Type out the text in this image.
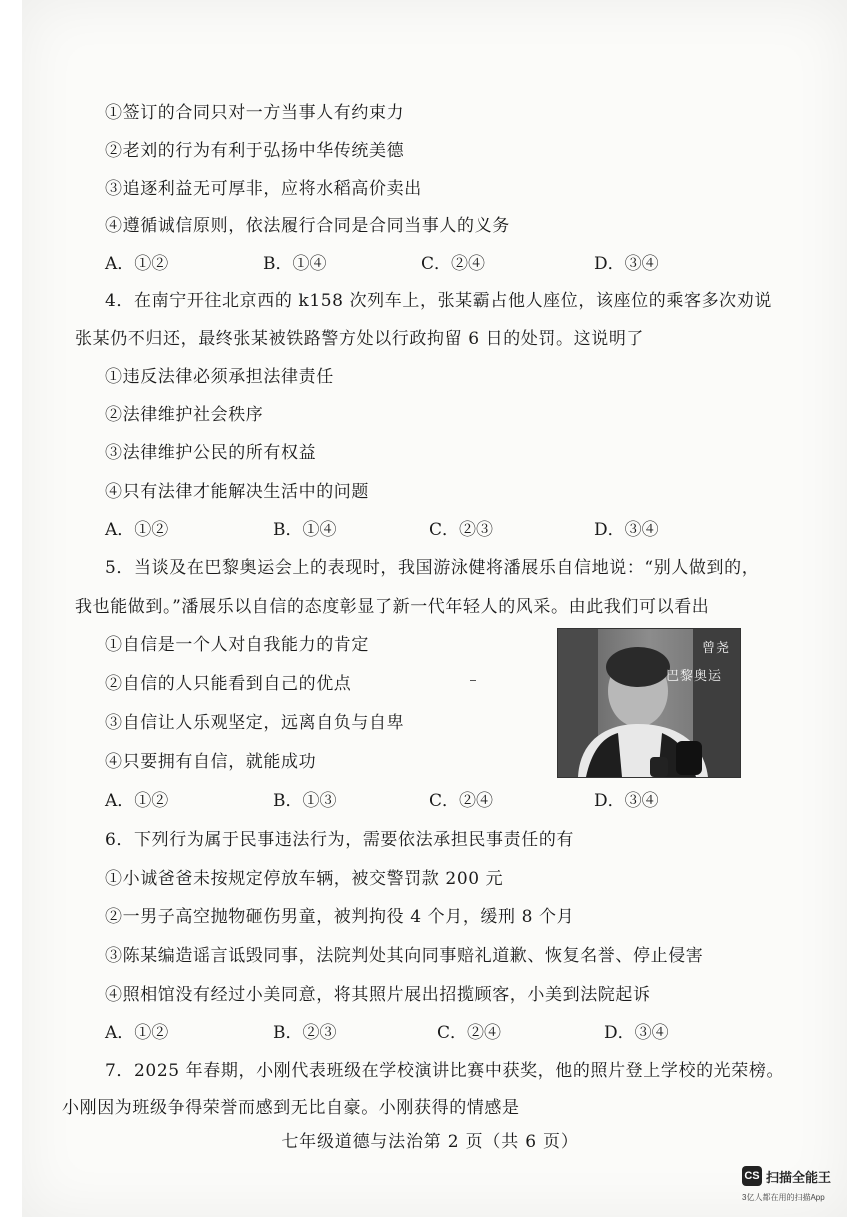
①签订的合同只对一方当事人有约束力
②老刘的行为有利于弘扬中华传统美德
③追逐利益无可厚非，应将水稻高价卖出
④遵循诚信原则，依法履行合同是合同当事人的义务
A．①②	B．①④	C．②④	D．③④
4．在南宁开往北京西的 k158 次列车上，张某霸占他人座位，该座位的乘客多次劝说
张某仍不归还，最终张某被铁路警方处以行政拘留 6 日的处罚。这说明了
①违反法律必须承担法律责任
②法律维护社会秩序
③法律维护公民的所有权益
④只有法律才能解决生活中的问题
A．①②	B．①④	C．②③	D．③④
5．当谈及在巴黎奥运会上的表现时，我国游泳健将潘展乐自信地说：“别人做到的，
我也能做到。”潘展乐以自信的态度彰显了新一代年轻人的风采。由此我们可以看出
①自信是一个人对自我能力的肯定
②自信的人只能看到自己的优点
③自信让人乐观坚定，远离自负与自卑
④只要拥有自信，就能成功
曾尧
巴黎奥运
A．①②	B．①③	C．②④	D．③④
6．下列行为属于民事违法行为，需要依法承担民事责任的有
①小诚爸爸未按规定停放车辆，被交警罚款 200 元
②一男子高空抛物砸伤男童，被判拘役 4 个月，缓刑 8 个月
③陈某编造谣言诋毁同事，法院判处其向同事赔礼道歉、恢复名誉、停止侵害
④照相馆没有经过小美同意，将其照片展出招揽顾客，小美到法院起诉
A．①②	B．②③	C．②④	D．③④
7．2025 年春期，小刚代表班级在学校演讲比赛中获奖，他的照片登上学校的光荣榜。
小刚因为班级争得荣誉而感到无比自豪。小刚获得的情感是
七年级道德与法治第 2 页（共 6 页）
CS 扫描全能王
3亿人都在用的扫描App
